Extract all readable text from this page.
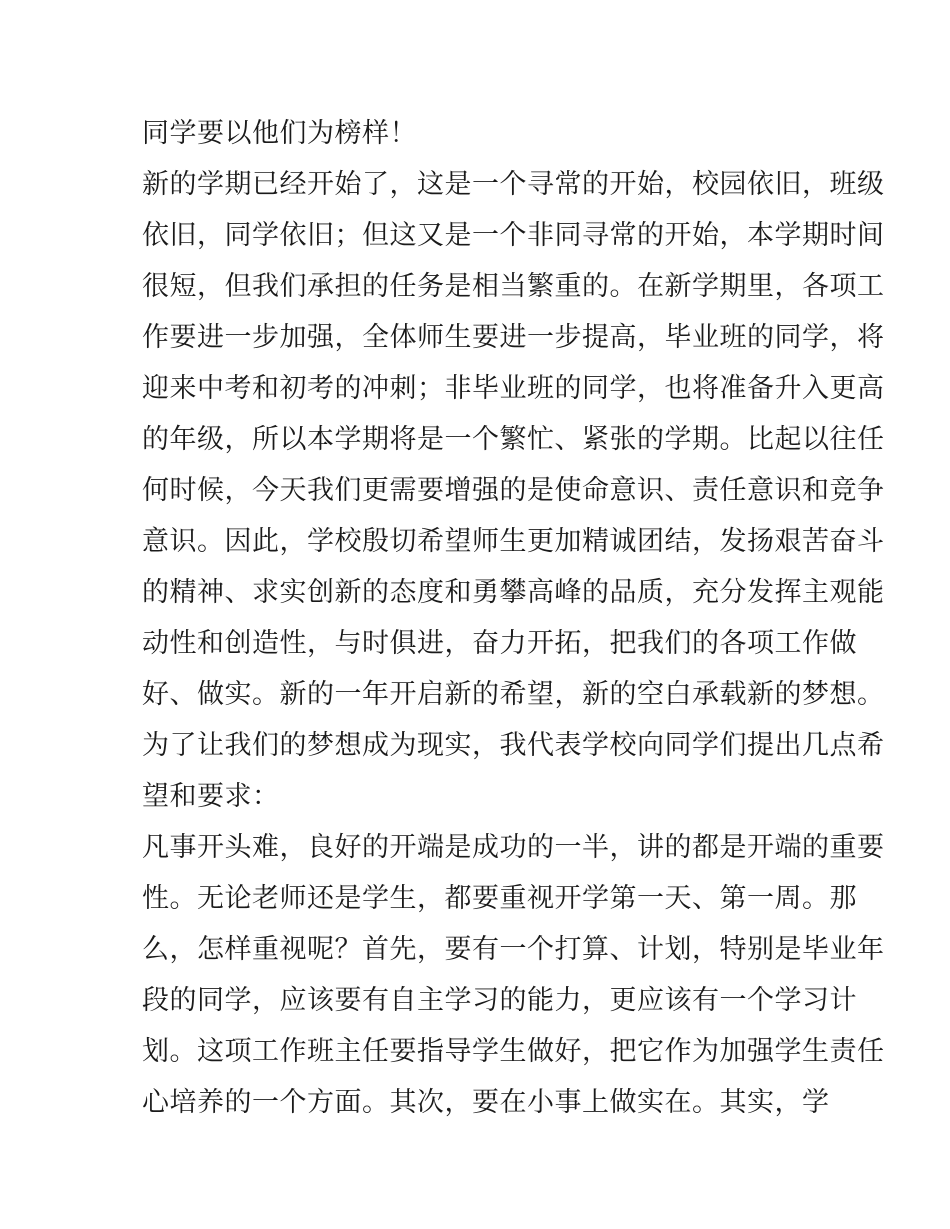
同学要以他们为榜样！
新的学期已经开始了，这是一个寻常的开始，校园依旧，班级
依旧，同学依旧；但这又是一个非同寻常的开始，本学期时间
很短，但我们承担的任务是相当繁重的。在新学期里，各项工
作要进一步加强，全体师生要进一步提高，毕业班的同学，将
迎来中考和初考的冲刺；非毕业班的同学，也将准备升入更高
的年级，所以本学期将是一个繁忙、紧张的学期。比起以往任
何时候，今天我们更需要增强的是使命意识、责任意识和竞争
意识。因此，学校殷切希望师生更加精诚团结，发扬艰苦奋斗
的精神、求实创新的态度和勇攀高峰的品质，充分发挥主观能
动性和创造性，与时俱进，奋力开拓，把我们的各项工作做
好、做实。新的一年开启新的希望，新的空白承载新的梦想。
为了让我们的梦想成为现实，我代表学校向同学们提出几点希
望和要求：
凡事开头难，良好的开端是成功的一半，讲的都是开端的重要
性。无论老师还是学生，都要重视开学第一天、第一周。那
么，怎样重视呢？首先，要有一个打算、计划，特别是毕业年
段的同学，应该要有自主学习的能力，更应该有一个学习计
划。这项工作班主任要指导学生做好，把它作为加强学生责任
心培养的一个方面。其次，要在小事上做实在。其实，学
